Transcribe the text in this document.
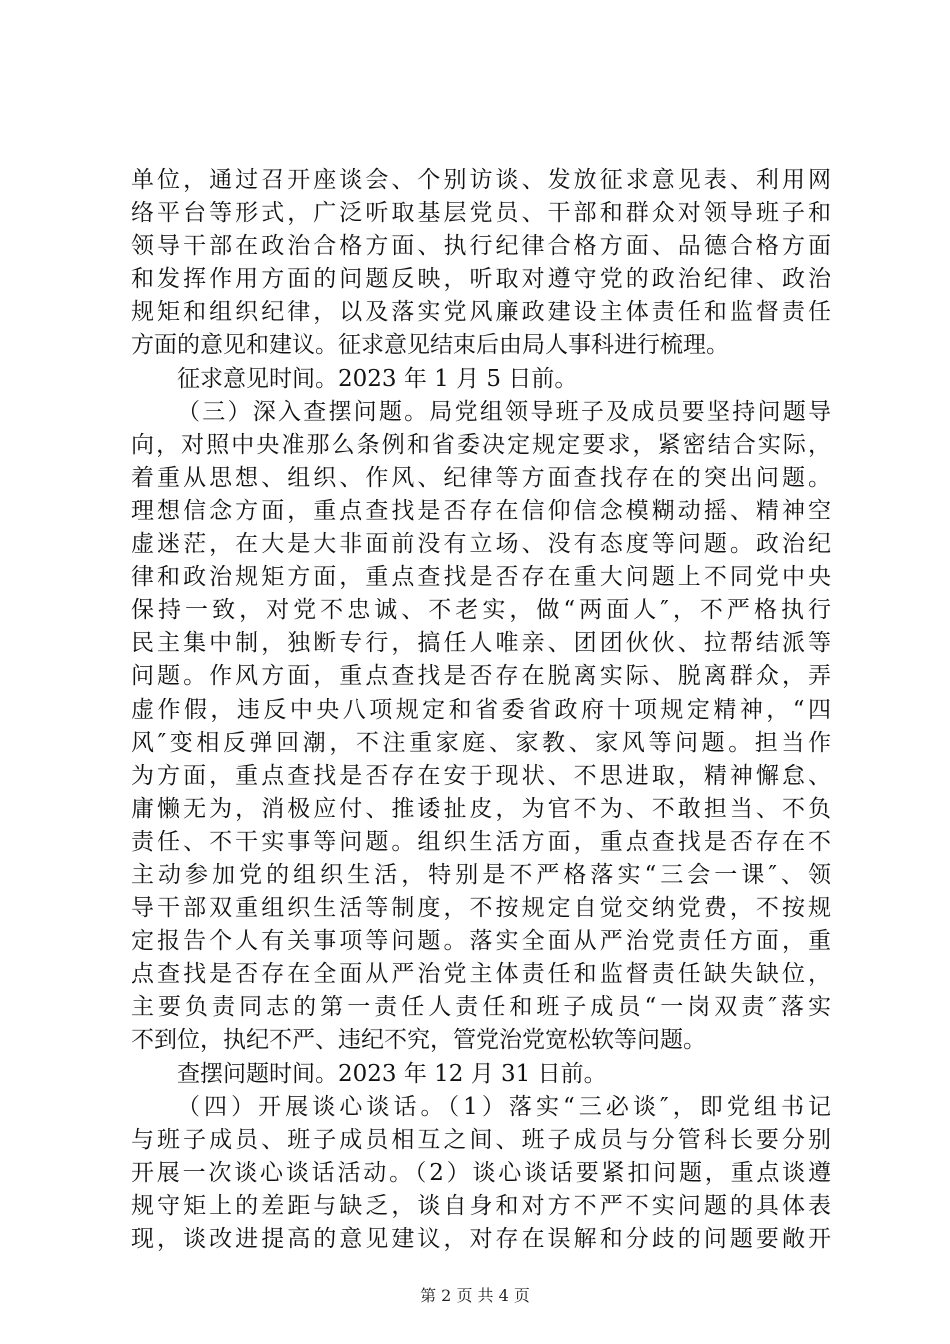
单位，通过召开座谈会、个别访谈、发放征求意见表、利用网
络平台等形式，广泛听取基层党员、干部和群众对领导班子和
领导干部在政治合格方面、执行纪律合格方面、品德合格方面
和发挥作用方面的问题反映，听取对遵守党的政治纪律、政治
规矩和组织纪律，以及落实党风廉政建设主体责任和监督责任
方面的意见和建议。征求意见结束后由局人事科进行梳理。
征求意见时间。2023 年 1 月 5 日前。
（三）深入查摆问题。局党组领导班子及成员要坚持问题导
向，对照中央准那么条例和省委决定规定要求，紧密结合实际，
着重从思想、组织、作风、纪律等方面查找存在的突出问题。
理想信念方面，重点查找是否存在信仰信念模糊动摇、精神空
虚迷茫，在大是大非面前没有立场、没有态度等问题。政治纪
律和政治规矩方面，重点查找是否存在重大问题上不同党中央
保持一致，对党不忠诚、不老实，做“两面人″，不严格执行
民主集中制，独断专行，搞任人唯亲、团团伙伙、拉帮结派等
问题。作风方面，重点查找是否存在脱离实际、脱离群众，弄
虚作假，违反中央八项规定和省委省政府十项规定精神，“四
风″变相反弹回潮，不注重家庭、家教、家风等问题。担当作
为方面，重点查找是否存在安于现状、不思进取，精神懈怠、
庸懒无为，消极应付、推诿扯皮，为官不为、不敢担当、不负
责任、不干实事等问题。组织生活方面，重点查找是否存在不
主动参加党的组织生活，特别是不严格落实“三会一课″、领
导干部双重组织生活等制度，不按规定自觉交纳党费，不按规
定报告个人有关事项等问题。落实全面从严治党责任方面，重
点查找是否存在全面从严治党主体责任和监督责任缺失缺位，
主要负责同志的第一责任人责任和班子成员“一岗双责″落实
不到位，执纪不严、违纪不究，管党治党宽松软等问题。
查摆问题时间。2023 年 12 月 31 日前。
（四）开展谈心谈话。（1）落实“三必谈″，即党组书记
与班子成员、班子成员相互之间、班子成员与分管科长要分别
开展一次谈心谈话活动。（2）谈心谈话要紧扣问题，重点谈遵
规守矩上的差距与缺乏，谈自身和对方不严不实问题的具体表
现，谈改进提高的意见建议，对存在误解和分歧的问题要敞开
第 2 页 共 4 页
